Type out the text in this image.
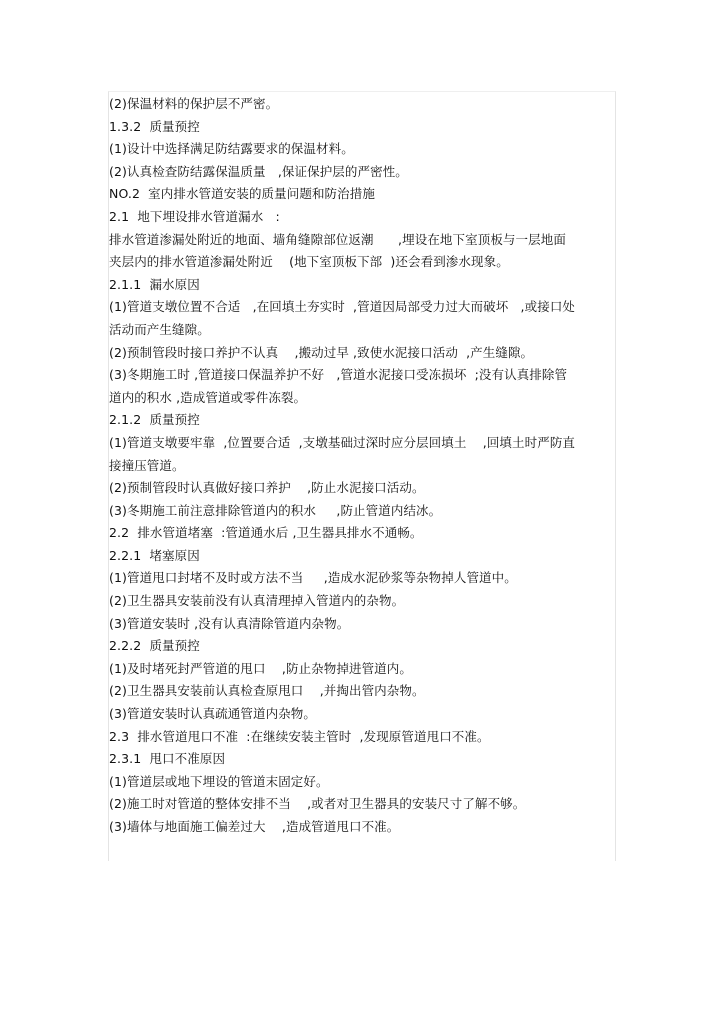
(2)保温材料的保护层不严密。
1.3.2  质量预控
(1)设计中选择满足防结露要求的保温材料。
(2)认真检查防结露保温质量   ,保证保护层的严密性。
NO.2  室内排水管道安装的质量问题和防治措施
2.1  地下埋设排水管道漏水   :
排水管道渗漏处附近的地面、墙角缝隙部位返潮      ,埋设在地下室顶板与一层地面
夹层内的排水管道渗漏处附近    (地下室顶板下部  )还会看到渗水现象。
2.1.1  漏水原因
(1)管道支墩位置不合适   ,在回填土夯实时  ,管道因局部受力过大而破坏   ,或接口处
活动而产生缝隙。
(2)预制管段时接口养护不认真    ,搬动过早 ,致使水泥接口活动  ,产生缝隙。
(3)冬期施工时 ,管道接口保温养护不好   ,管道水泥接口受冻损坏  ;没有认真排除管
道内的积水 ,造成管道或零件冻裂。
2.1.2  质量预控
(1)管道支墩要牢靠  ,位置要合适  ,支墩基础过深时应分层回填土    ,回填土时严防直
接撞压管道。
(2)预制管段时认真做好接口养护    ,防止水泥接口活动。
(3)冬期施工前注意排除管道内的积水     ,防止管道内结冰。
2.2  排水管道堵塞  :管道通水后 ,卫生器具排水不通畅。
2.2.1  堵塞原因
(1)管道甩口封堵不及时或方法不当     ,造成水泥砂浆等杂物掉人管道中。
(2)卫生器具安装前没有认真清理掉入管道内的杂物。
(3)管道安装时 ,没有认真清除管道内杂物。
2.2.2  质量预控
(1)及时堵死封严管道的甩口    ,防止杂物掉进管道内。
(2)卫生器具安装前认真检查原甩口    ,并掏出管内杂物。
(3)管道安装时认真疏通管道内杂物。
2.3  排水管道甩口不准  :在继续安装主管时  ,发现原管道甩口不准。
2.3.1  甩口不准原因
(1)管道层或地下埋设的管道末固定好。
(2)施工时对管道的整体安排不当    ,或者对卫生器具的安装尺寸了解不够。
(3)墙体与地面施工偏差过大    ,造成管道甩口不准。
